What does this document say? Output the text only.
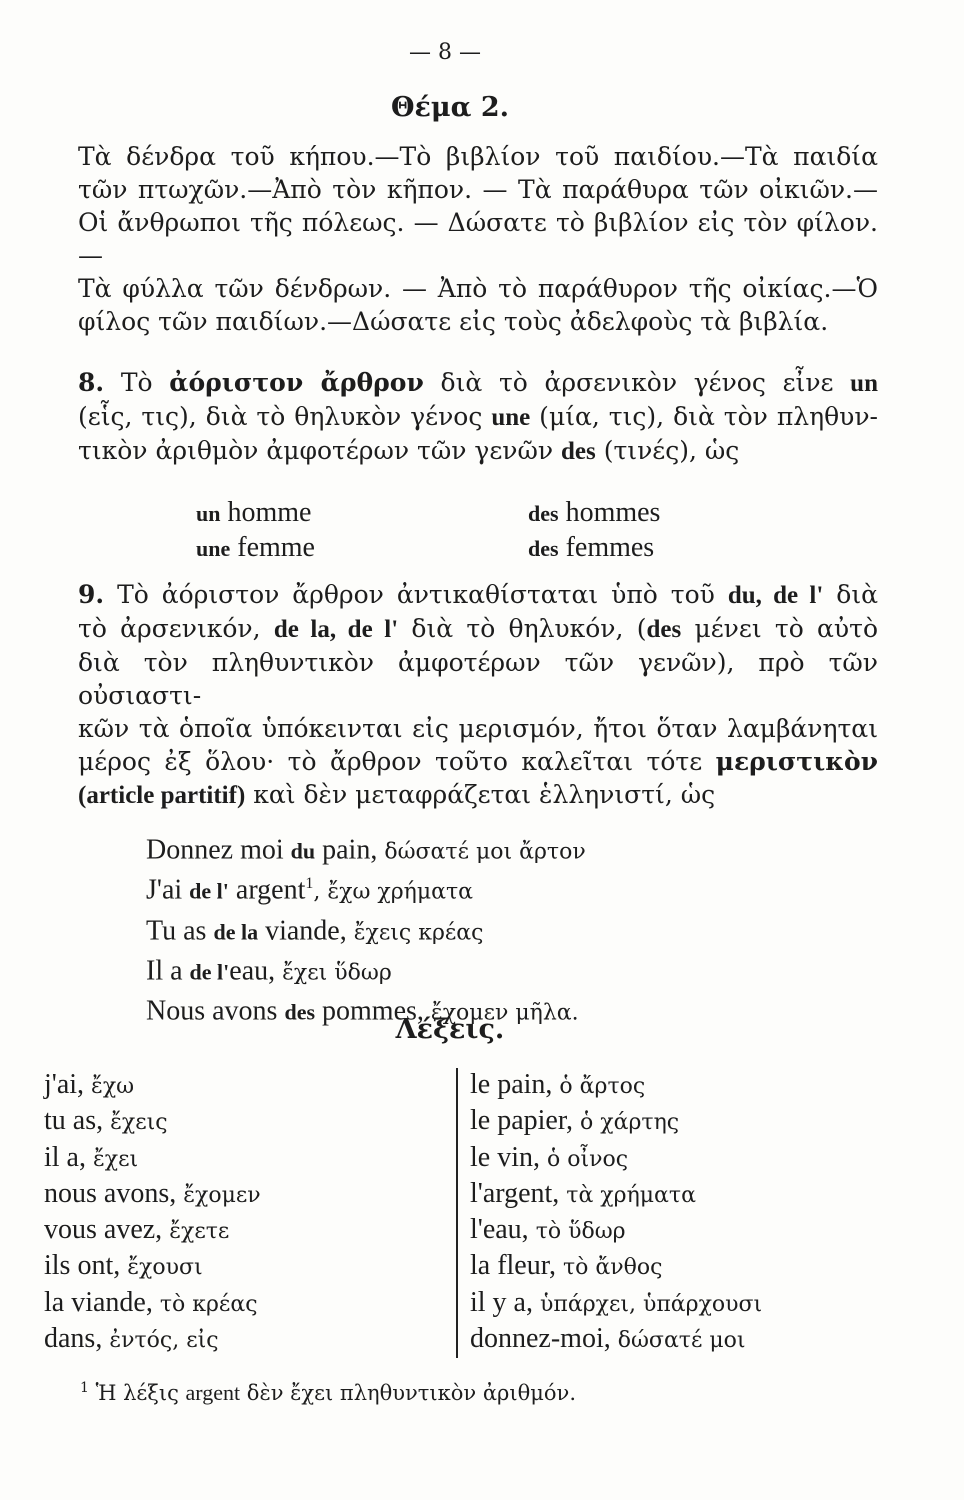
— 8 —
Θέμα 2.
Τὰ δένδρα τοῦ κήπου.—Τὸ βιβλίον τοῦ παιδίου.—Τὰ παιδία
τῶν πτωχῶν.—Ἀπὸ τὸν κῆπον. — Τὰ παράθυρα τῶν οἰκιῶν.—
Οἱ ἄνθρωποι τῆς πόλεως. — Δώσατε τὸ βιβλίον εἰς τὸν φίλον.—
Τὰ φύλλα τῶν δένδρων. — Ἀπὸ τὸ παράθυρον τῆς οἰκίας.—Ὁ
φίλος τῶν παιδίων.—Δώσατε εἰς τοὺς ἀδελφοὺς τὰ βιβλία.
8. Τὸ ἀόριστον ἄρθρον διὰ τὸ ἀρσενικὸν γένος εἶνε un
(εἷς, τις), διὰ τὸ θηλυκὸν γένος une (μία, τις), διὰ τὸν πληθυν-
τικὸν ἀριθμὸν ἀμφοτέρων τῶν γενῶν des (τινές), ὡς
un homme	des hommes
une femme	des femmes
9. Τὸ ἀόριστον ἄρθρον ἀντικαθίσταται ὑπὸ τοῦ du, de l' διὰ
τὸ ἀρσενικόν, de la, de l' διὰ τὸ θηλυκόν, (des μένει τὸ αὐτὸ
διὰ τὸν πληθυντικὸν ἀμφοτέρων τῶν γενῶν), πρὸ τῶν οὐσιαστι-
κῶν τὰ ὁποῖα ὑπόκεινται εἰς μερισμόν, ἤτοι ὅταν λαμβάνηται
μέρος ἐξ ὅλου· τὸ ἄρθρον τοῦτο καλεῖται τότε μεριστικὸν
(article partitif) καὶ δὲν μεταφράζεται ἑλληνιστί, ὡς
Donnez moi du pain, δώσατέ μοι ἄρτον
J'ai de l' argent$^1$, ἔχω χρήματα
Tu as de la viande, ἔχεις κρέας
Il a de l'eau, ἔχει ὕδωρ
Nous avons des pommes, ἔχομεν μῆλα.
Λέξεις.
j'ai, ἔχω
tu as, ἔχεις
il a, ἔχει
nous avons, ἔχομεν
vous avez, ἔχετε
ils ont, ἔχουσι
la viande, τὸ κρέας
dans, ἐντός, εἰς
le pain, ὁ ἄρτος
le papier, ὁ χάρτης
le vin, ὁ οἶνος
l'argent, τὰ χρήματα
l'eau, τὸ ὕδωρ
la fleur, τὸ ἄνθος
il y a, ὑπάρχει, ὑπάρχουσι
donnez-moi, δώσατέ μοι
$^1$ Ἡ λέξις argent δὲν ἔχει πληθυντικὸν ἀριθμόν.
